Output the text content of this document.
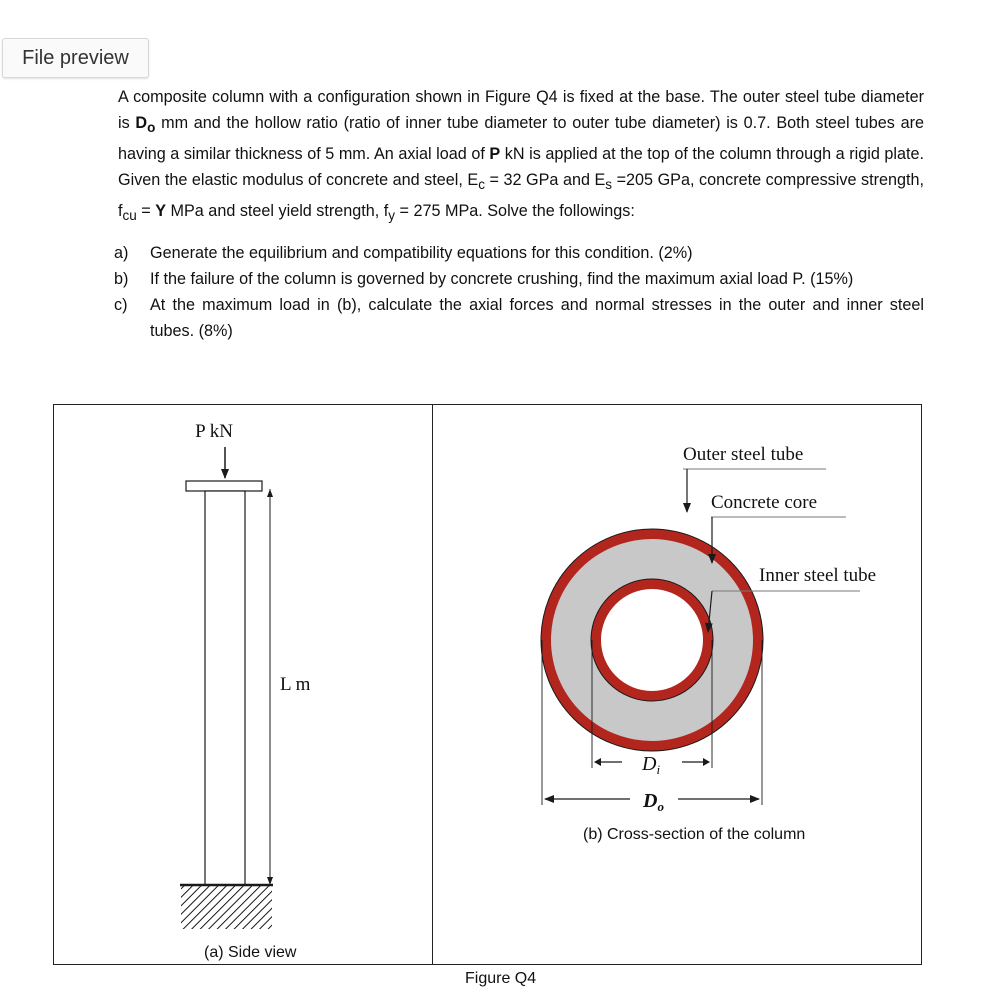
File preview

A composite column with a configuration shown in Figure Q4 is fixed at the base. The outer steel tube diameter is $D_o$ mm and the hollow ratio (ratio of inner tube diameter to outer tube diameter) is 0.7. Both steel tubes are having a similar thickness of 5 mm. An axial load of P kN is applied at the top of the column through a rigid plate. Given the elastic modulus of concrete and steel, $E_c = 32$ GPa and $E_s =205$ GPa, concrete compressive strength, $f_{cu} = Y$ MPa and steel yield strength, $f_y = 275$ MPa. Solve the followings:

a) Generate the equilibrium and compatibility equations for this condition. (2%)
b) If the failure of the column is governed by concrete crushing, find the maximum axial load P. (15%)
c) At the maximum load in (b), calculate the axial forces and normal stresses in the outer and inner steel tubes. (8%)
P kN
L m
Outer steel tube
Concrete core
Inner steel tube
$D_i$
$D_o$
(b) Cross-section of the column
(a) Side view
Figure Q4
